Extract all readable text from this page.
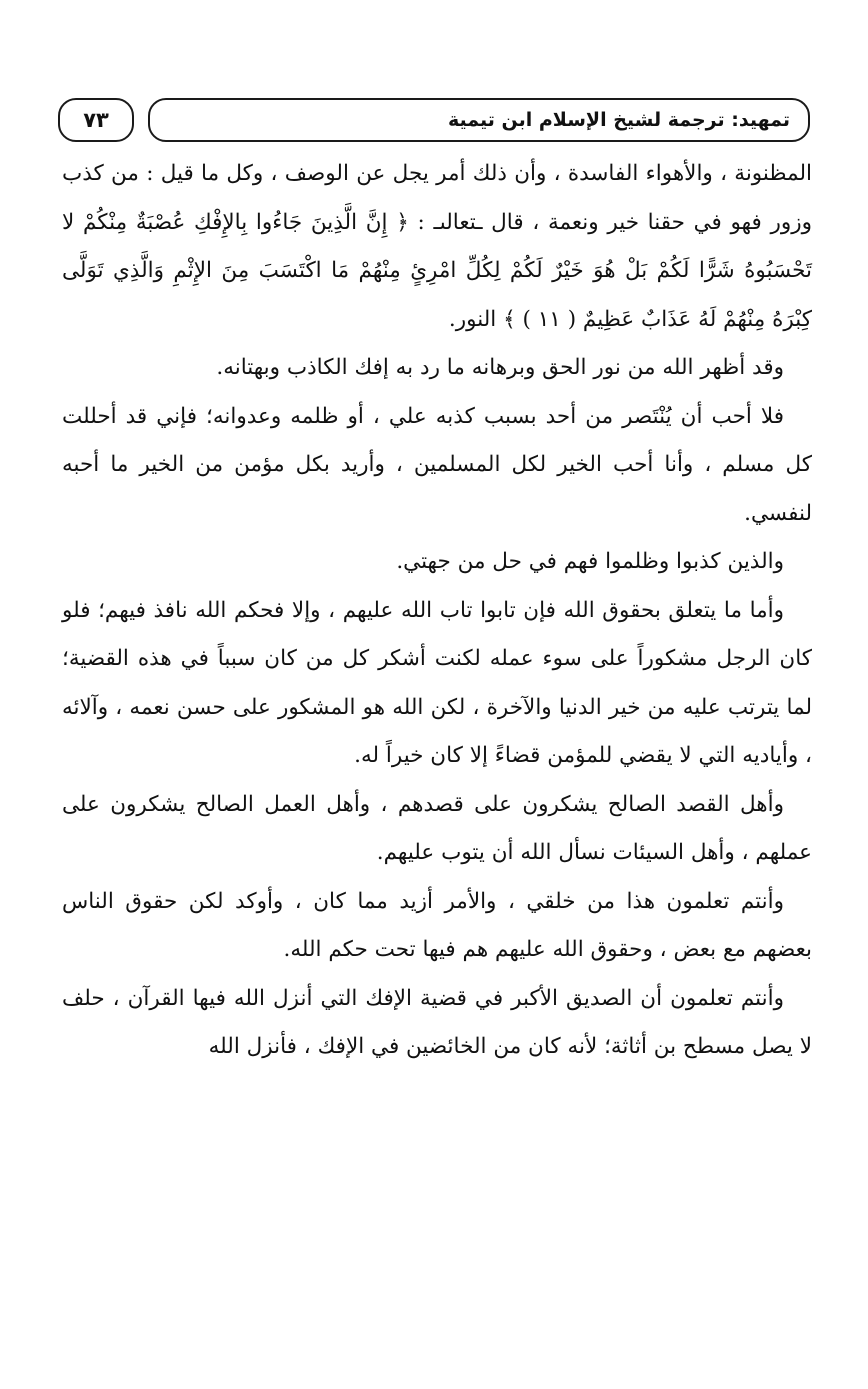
٧٣	تمهيد: ترجمة لشيخ الإسلام ابن تيمية

المظنونة ، والأهواء الفاسدة ، وأن ذلك أمر يجل عن الوصف ، وكل ما قيل : من كذب وزور فهو في حقنا خير ونعمة ، قال ـتعالىـ : ﴿ إِنَّ الَّذِينَ جَاءُوا بِالإِفْكِ عُصْبَةٌ مِنْكُمْ لا تَحْسَبُوهُ شَرًّا لَكُمْ بَلْ هُوَ خَيْرٌ لَكُمْ لِكُلِّ امْرِئٍ مِنْهُمْ مَا اكْتَسَبَ مِنَ الإِثْمِ وَالَّذِي تَوَلَّى كِبْرَهُ مِنْهُمْ لَهُ عَذَابٌ عَظِيمٌ ( ١١ ) ﴾ النور.

وقد أظهر الله من نور الحق وبرهانه ما رد به إفك الكاذب وبهتانه.

فلا أحب أن يُنْتَصر من أحد بسبب كذبه علي ، أو ظلمه وعدوانه؛ فإني قد أحللت كل مسلم ، وأنا أحب الخير لكل المسلمين ، وأريد بكل مؤمن من الخير ما أحبه لنفسي.

والذين كذبوا وظلموا فهم في حل من جهتي.

وأما ما يتعلق بحقوق الله فإن تابوا تاب الله عليهم ، وإلا فحكم الله نافذ فيهم؛ فلو كان الرجل مشكوراً على سوء عمله لكنت أشكر كل من كان سبباً في هذه القضية؛ لما يترتب عليه من خير الدنيا والآخرة ، لكن الله هو المشكور على حسن نعمه ، وآلائه ، وأياديه التي لا يقضي للمؤمن قضاءً إلا كان خيراً له.

وأهل القصد الصالح يشكرون على قصدهم ، وأهل العمل الصالح يشكرون على عملهم ، وأهل السيئات نسأل الله أن يتوب عليهم.

وأنتم تعلمون هذا من خلقي ، والأمر أزيد مما كان ، وأوكد لكن حقوق الناس بعضهم مع بعض ، وحقوق الله عليهم هم فيها تحت حكم الله.

وأنتم تعلمون أن الصديق الأكبر في قضية الإفك التي أنزل الله فيها القرآن ، حلف لا يصل مسطح بن أثاثة؛ لأنه كان من الخائضين في الإفك ، فأنزل الله
